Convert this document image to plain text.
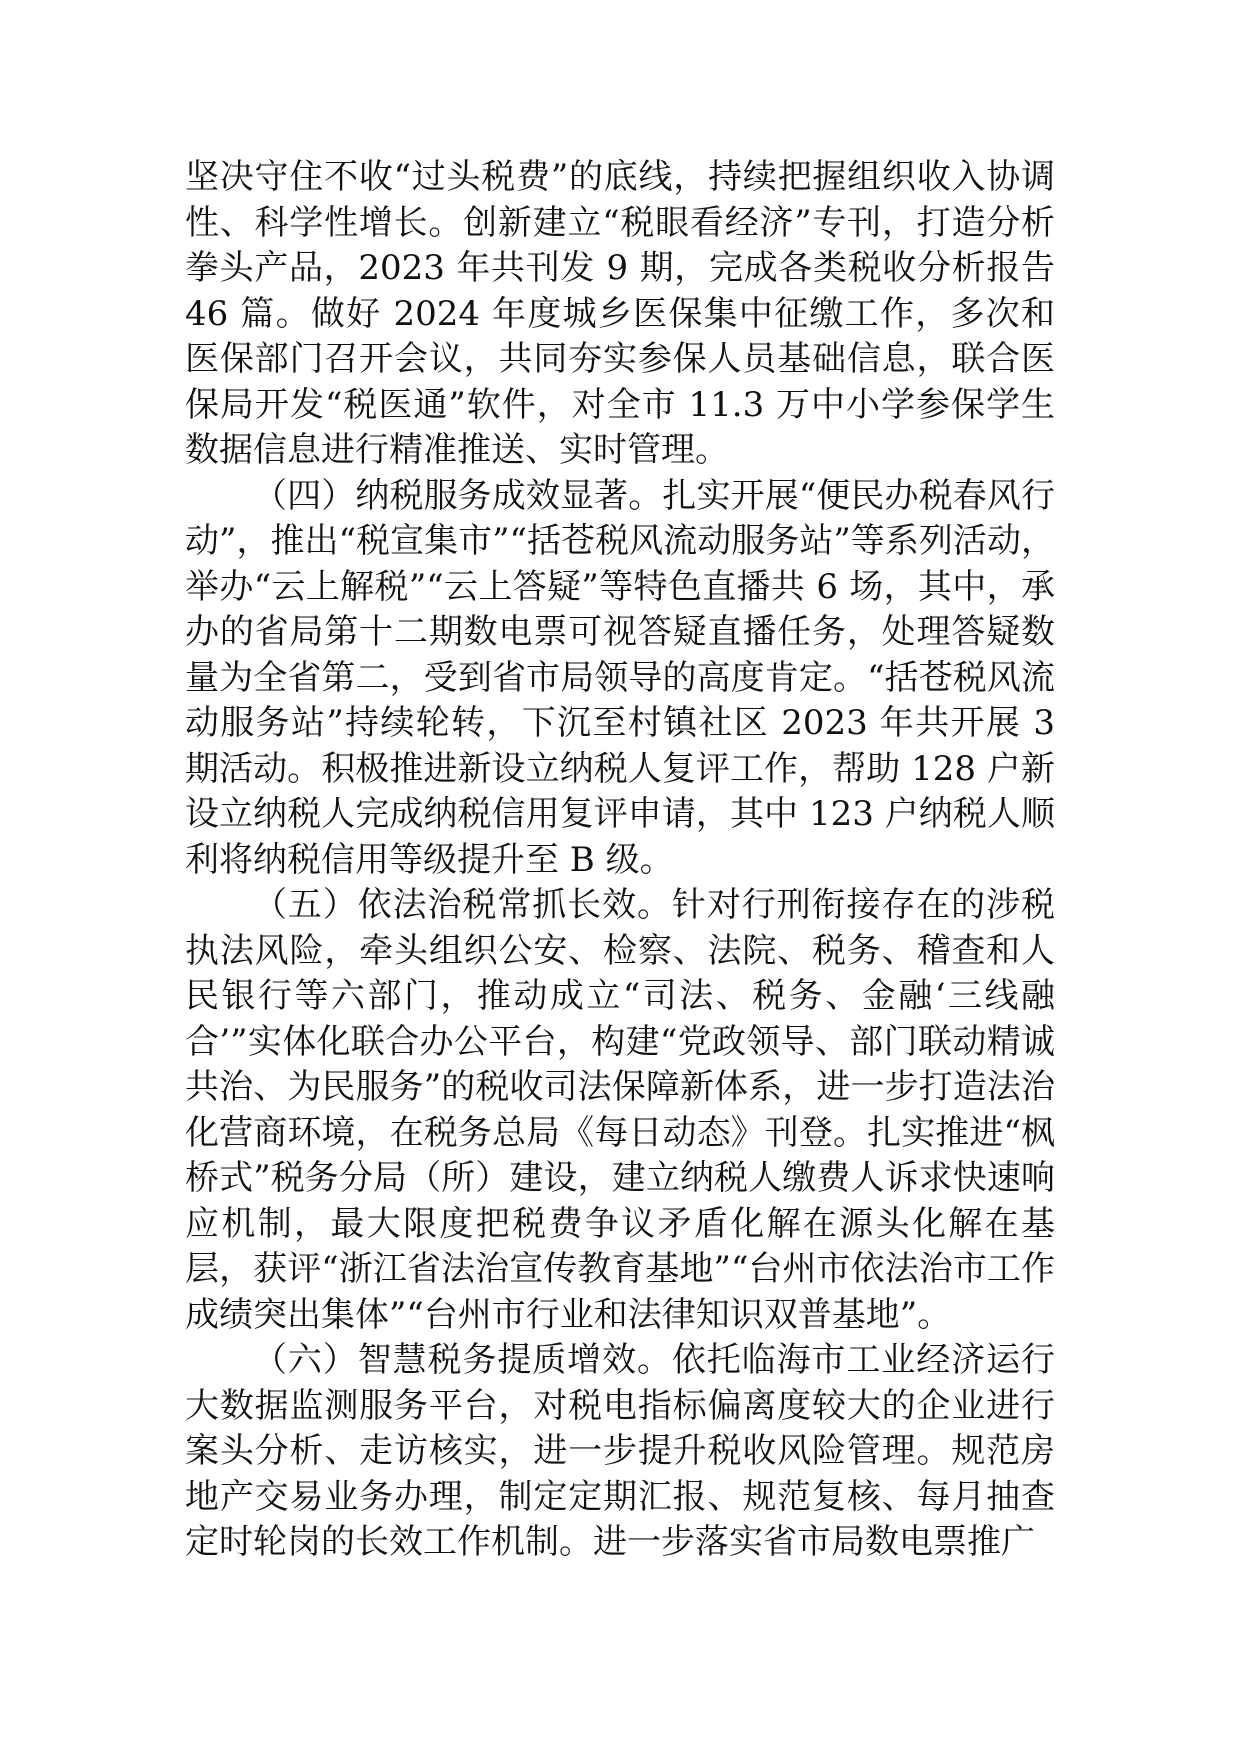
坚决守住不收“过头税费”的底线，持续把握组织收入协调性、科学性增长。创新建立“税眼看经济”专刊，打造分析拳头产品，2023 年共刊发 9 期，完成各类税收分析报告 46 篇。做好 2024 年度城乡医保集中征缴工作，多次和医保部门召开会议，共同夯实参保人员基础信息，联合医保局开发“税医通”软件，对全市 11.3 万中小学参保学生数据信息进行精准推送、实时管理。

（四）纳税服务成效显著。扎实开展“便民办税春风行动”，推出“税宣集市”“括苍税风流动服务站”等系列活动，举办“云上解税”“云上答疑”等特色直播共 6 场，其中，承办的省局第十二期数电票可视答疑直播任务，处理答疑数量为全省第二，受到省市局领导的高度肯定。“括苍税风流动服务站”持续轮转，下沉至村镇社区 2023 年共开展 3 期活动。积极推进新设立纳税人复评工作，帮助 128 户新设立纳税人完成纳税信用复评申请，其中 123 户纳税人顺利将纳税信用等级提升至 B 级。

（五）依法治税常抓长效。针对行刑衔接存在的涉税执法风险，牵头组织公安、检察、法院、税务、稽查和人民银行等六部门，推动成立“司法、税务、金融‘三线融合’”实体化联合办公平台，构建“党政领导、部门联动精诚共治、为民服务”的税收司法保障新体系，进一步打造法治化营商环境，在税务总局《每日动态》刊登。扎实推进“枫桥式”税务分局（所）建设，建立纳税人缴费人诉求快速响应机制，最大限度把税费争议矛盾化解在源头化解在基层，获评“浙江省法治宣传教育基地”“台州市依法治市工作成绩突出集体”“台州市行业和法律知识双普基地”。

（六）智慧税务提质增效。依托临海市工业经济运行大数据监测服务平台，对税电指标偏离度较大的企业进行案头分析、走访核实，进一步提升税收风险管理。规范房地产交易业务办理，制定定期汇报、规范复核、每月抽查定时轮岗的长效工作机制。进一步落实省市局数电票推广
